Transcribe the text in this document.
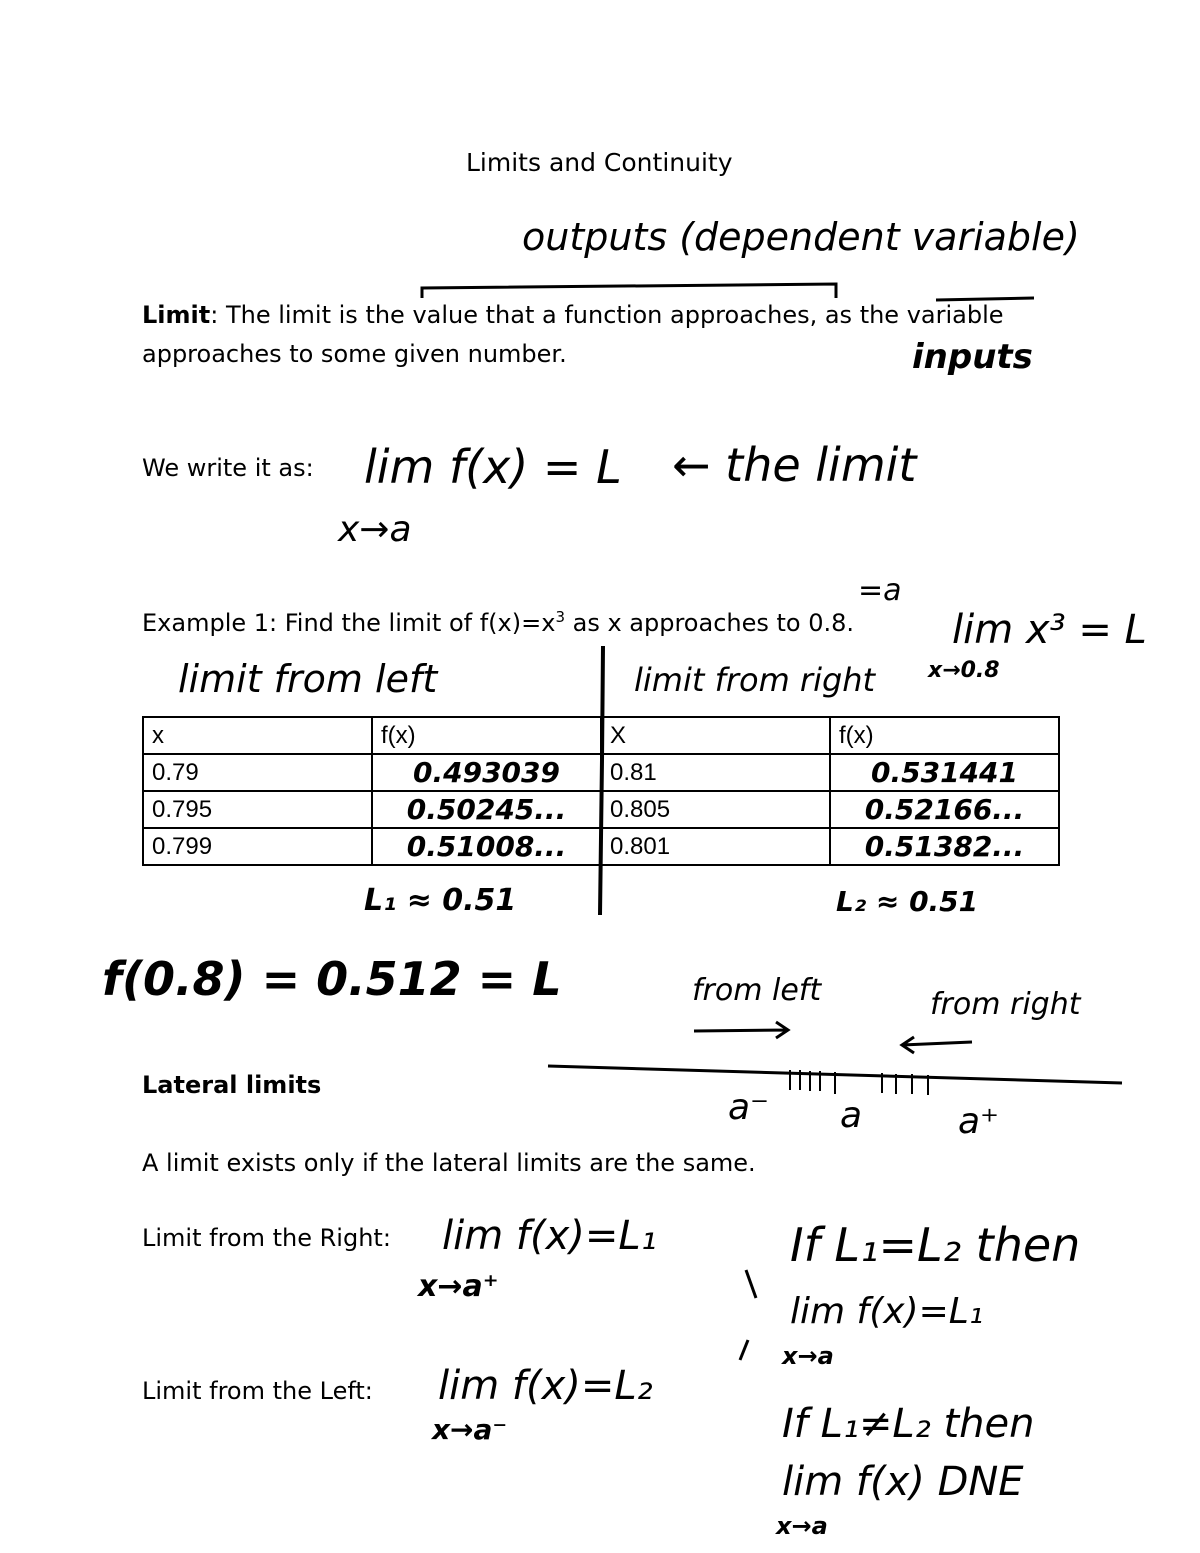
Limits and Continuity
Limit: The limit is the value that a function approaches, as the variable
approaches to some given number.
We write it as:
Example 1: Find the limit of $f(x)=x^3$ as x approaches to 0.8.
Lateral limits
A limit exists only if the lateral limits are the same.
Limit from the Right:
Limit from the Left:
x	f(x)	X	f(x)
0.79	0.493039	0.81	0.531441
0.795	0.50245...	0.805	0.52166...
0.799	0.51008...	0.801	0.51382...
outputs (dependent variable)
inputs
lim f(x) = L
x→a
← the limit
=a
lim x³ = L
x→0.8
limit from left	limit from right
L₁ ≈ 0.51	L₂ ≈ 0.51
f(0.8) = 0.512 = L	from left	from right
a⁻ a	a⁺
lim f(x)=L₁
x→a⁺
lim f(x)=L₂
x→a⁻
If L₁=L₂ then
lim f(x)=L₁
x→a
If L₁≠L₂ then
lim f(x) DNE
x→a
